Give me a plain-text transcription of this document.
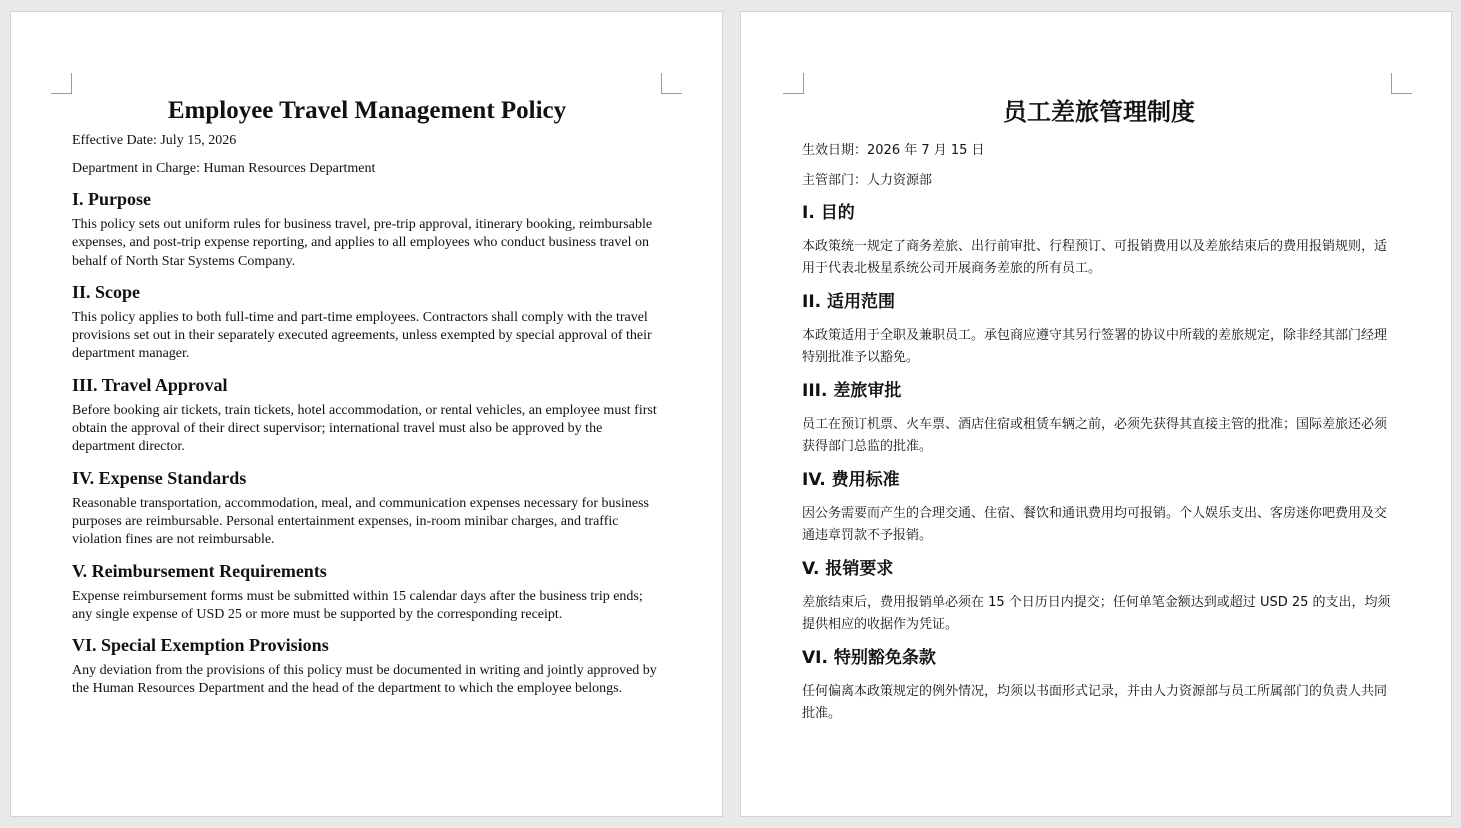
Employee Travel Management Policy

Effective Date: July 15, 2026

Department in Charge: Human Resources Department

I. Purpose

This policy sets out uniform rules for business travel, pre-trip approval, itinerary booking, reimbursable expenses, and post-trip expense reporting, and applies to all employees who conduct business travel on behalf of North Star Systems Company.

II. Scope

This policy applies to both full-time and part-time employees. Contractors shall comply with the travel provisions set out in their separately executed agreements, unless exempted by special approval of their department manager.

III. Travel Approval

Before booking air tickets, train tickets, hotel accommodation, or rental vehicles, an employee must first obtain the approval of their direct supervisor; international travel must also be approved by the department director.

IV. Expense Standards

Reasonable transportation, accommodation, meal, and communication expenses necessary for business purposes are reimbursable. Personal entertainment expenses, in-room minibar charges, and traffic violation fines are not reimbursable.

V. Reimbursement Requirements

Expense reimbursement forms must be submitted within 15 calendar days after the business trip ends; any single expense of USD 25 or more must be supported by the corresponding receipt.

VI. Special Exemption Provisions

Any deviation from the provisions of this policy must be documented in writing and jointly approved by the Human Resources Department and the head of the department to which the employee belongs.

员工差旅管理制度

生效日期：2026 年 7 月 15 日

主管部门：人力资源部

I. 目的

本政策统一规定了商务差旅、出行前审批、行程预订、可报销费用以及差旅结束后的费用报销规则，适用于代表北极星系统公司开展商务差旅的所有员工。

II. 适用范围

本政策适用于全职及兼职员工。承包商应遵守其另行签署的协议中所载的差旅规定，除非经其部门经理特别批准予以豁免。

III. 差旅审批

员工在预订机票、火车票、酒店住宿或租赁车辆之前，必须先获得其直接主管的批准；国际差旅还必须获得部门总监的批准。

IV. 费用标准

因公务需要而产生的合理交通、住宿、餐饮和通讯费用均可报销。个人娱乐支出、客房迷你吧费用及交通违章罚款不予报销。

V. 报销要求

差旅结束后，费用报销单必须在 15 个日历日内提交；任何单笔金额达到或超过 USD 25 的支出，均须提供相应的收据作为凭证。

VI. 特别豁免条款

任何偏离本政策规定的例外情况，均须以书面形式记录，并由人力资源部与员工所属部门的负责人共同批准。
